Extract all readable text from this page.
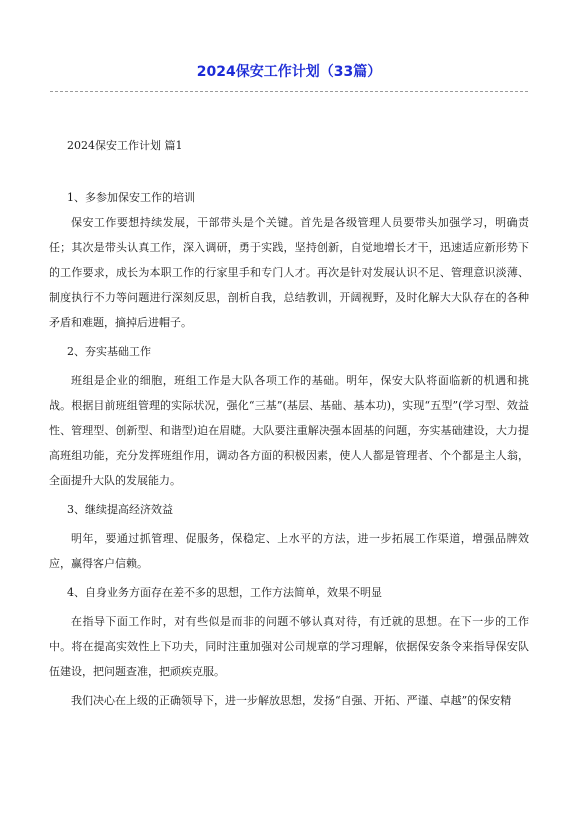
2024保安工作计划（33篇）

2024保安工作计划 篇1

1、多参加保安工作的培训

保安工作要想持续发展，干部带头是个关键。首先是各级管理人员要带头加强学习，明确责任；其次是带头认真工作，深入调研，勇于实践，坚持创新，自觉地增长才干，迅速适应新形势下的工作要求，成长为本职工作的行家里手和专门人才。再次是针对发展认识不足、管理意识淡薄、制度执行不力等问题进行深刻反思，剖析自我，总结教训，开阔视野，及时化解大大队存在的各种矛盾和难题，摘掉后进帽子。

2、夯实基础工作

班组是企业的细胞，班组工作是大队各项工作的基础。明年，保安大队将面临新的机遇和挑战。根据目前班组管理的实际状况，强化“三基”(基层、基础、基本功)，实现“五型”(学习型、效益性、管理型、创新型、和谐型)迫在眉睫。大队要注重解决强本固基的问题，夯实基础建设，大力提高班组功能，充分发挥班组作用，调动各方面的积极因素，使人人都是管理者、个个都是主人翁，全面提升大队的发展能力。

3、继续提高经济效益

明年，要通过抓管理、促服务，保稳定、上水平的方法，进一步拓展工作渠道，增强品牌效应，赢得客户信赖。

4、自身业务方面存在差不多的思想，工作方法简单，效果不明显

在指导下面工作时，对有些似是而非的问题不够认真对待，有迁就的思想。在下一步的工作中。将在提高实效性上下功夫，同时注重加强对公司规章的学习理解，依据保安条令来指导保安队伍建设，把问题查准，把顽疾克服。

我们决心在上级的正确领导下，进一步解放思想，发扬“自强、开拓、严谨、卓越”的保安精
